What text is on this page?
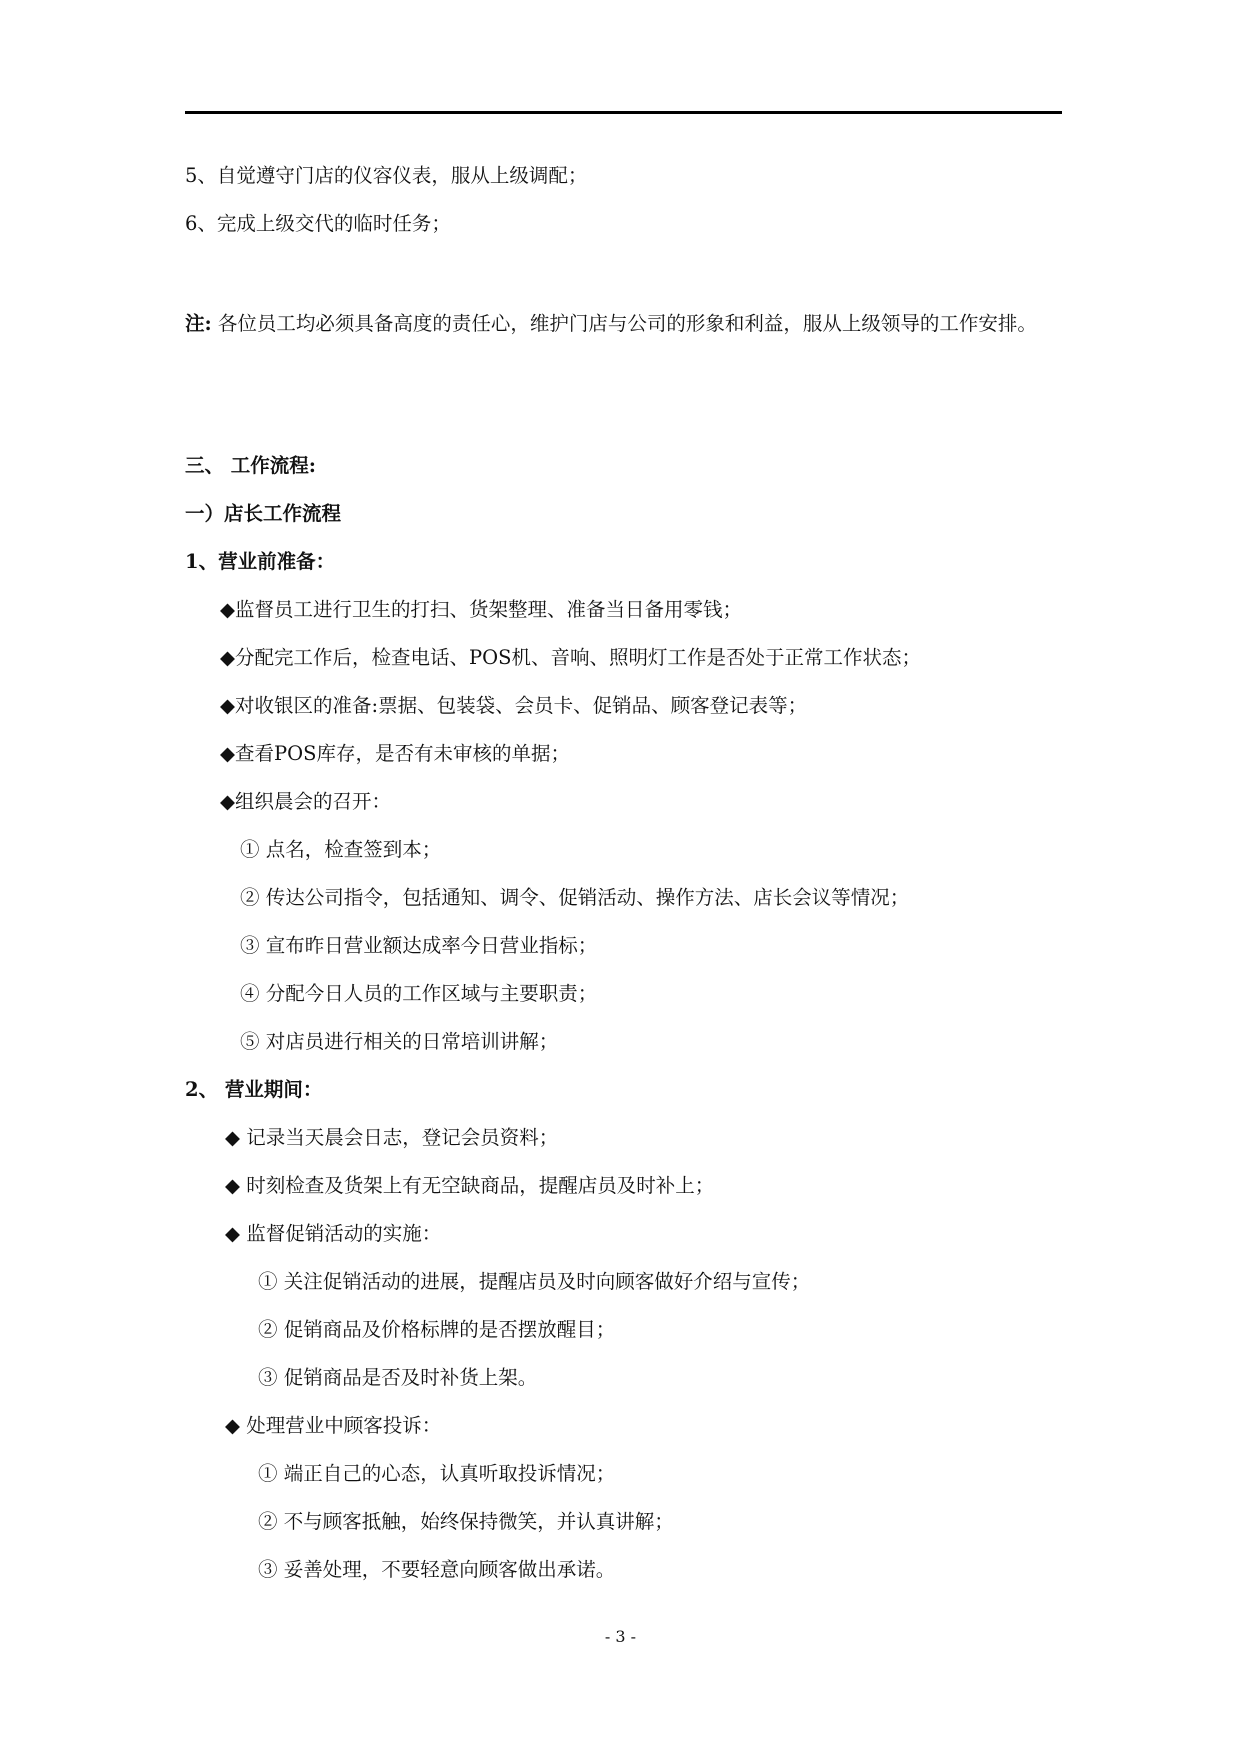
5、自觉遵守门店的仪容仪表，服从上级调配；
6、完成上级交代的临时任务；
注: 各位员工均必须具备高度的责任心，维护门店与公司的形象和利益，服从上级领导的工作安排。
三、 工作流程:
一）店长工作流程
1、营业前准备：
◆监督员工进行卫生的打扫、货架整理、准备当日备用零钱；
◆分配完工作后，检查电话、POS机、音响、照明灯工作是否处于正常工作状态；
◆对收银区的准备:票据、包装袋、会员卡、促销品、顾客登记表等；
◆查看POS库存，是否有未审核的单据；
◆组织晨会的召开：
① 点名，检查签到本；
② 传达公司指令，包括通知、调令、促销活动、操作方法、店长会议等情况；
③ 宣布昨日营业额达成率今日营业指标；
④ 分配今日人员的工作区域与主要职责；
⑤ 对店员进行相关的日常培训讲解；
2、 营业期间：
◆ 记录当天晨会日志，登记会员资料；
◆ 时刻检查及货架上有无空缺商品，提醒店员及时补上；
◆ 监督促销活动的实施：
① 关注促销活动的进展，提醒店员及时向顾客做好介绍与宣传；
② 促销商品及价格标牌的是否摆放醒目；
③ 促销商品是否及时补货上架。
◆ 处理营业中顾客投诉：
① 端正自己的心态，认真听取投诉情况；
② 不与顾客抵触，始终保持微笑，并认真讲解；
③ 妥善处理，不要轻意向顾客做出承诺。
- 3 -
